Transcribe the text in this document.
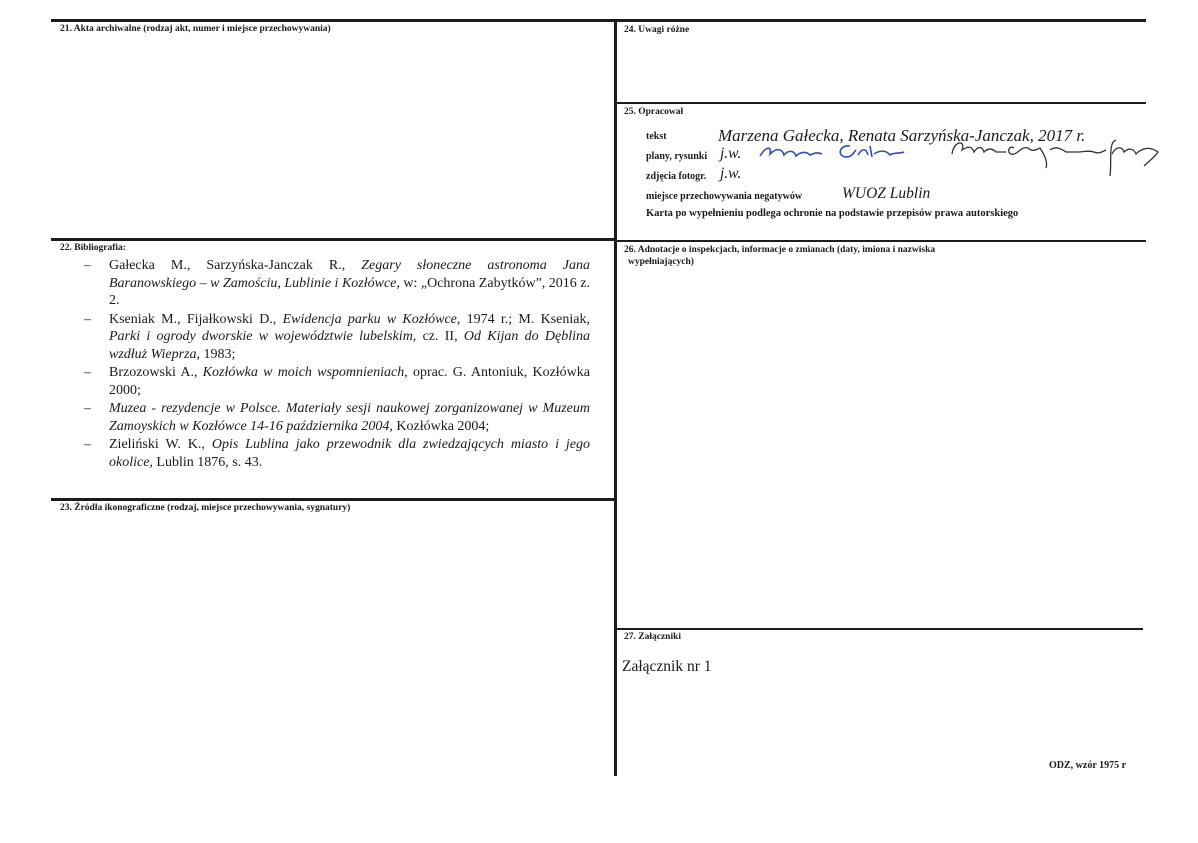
21. Akta archiwalne (rodzaj akt, numer i miejsce przechowywania)	24. Uwagi różne
25. Opracował
tekst	Marzena Gałecka, Renata Sarzyńska-Janczak, 2017 r.
plany, rysunki j.w.
zdjęcia fotogr. j.w.
miejsce przechowywania negatywów	WUOZ Lublin
Karta po wypełnieniu podlega ochronie na podstawie przepisów prawa autorskiego
22. Bibliografia:
– Gałecka M., Sarzyńska-Janczak R., Zegary słoneczne astronoma Jana Baranowskiego – w Zamościu, Lublinie i Kozłówce, w: „Ochrona Zabytków”, 2016 z. 2.
– Kseniak M., Fijałkowski D., Ewidencja parku w Kozłówce, 1974 r.; M. Kseniak, Parki i ogrody dworskie w województwie lubelskim, cz. II, Od Kijan do Dęblina wzdłuż Wieprza, 1983;
– Brzozowski A., Kozłówka w moich wspomnieniach, oprac. G. Antoniuk, Kozłówka 2000;
– Muzea - rezydencje w Polsce. Materiały sesji naukowej zorganizowanej w Muzeum Zamoyskich w Kozłówce 14-16 października 2004, Kozłówka 2004;
– Zieliński W. K., Opis Lublina jako przewodnik dla zwiedzających miasto i jego okolice, Lublin 1876, s. 43.
26. Adnotacje o inspekcjach, informacje o zmianach (daty, imiona i nazwiska
wypełniających)
23. Źródła ikonograficzne (rodzaj, miejsce przechowywania, sygnatury)
27. Załączniki
Załącznik nr 1
ODZ, wzór 1975 r
